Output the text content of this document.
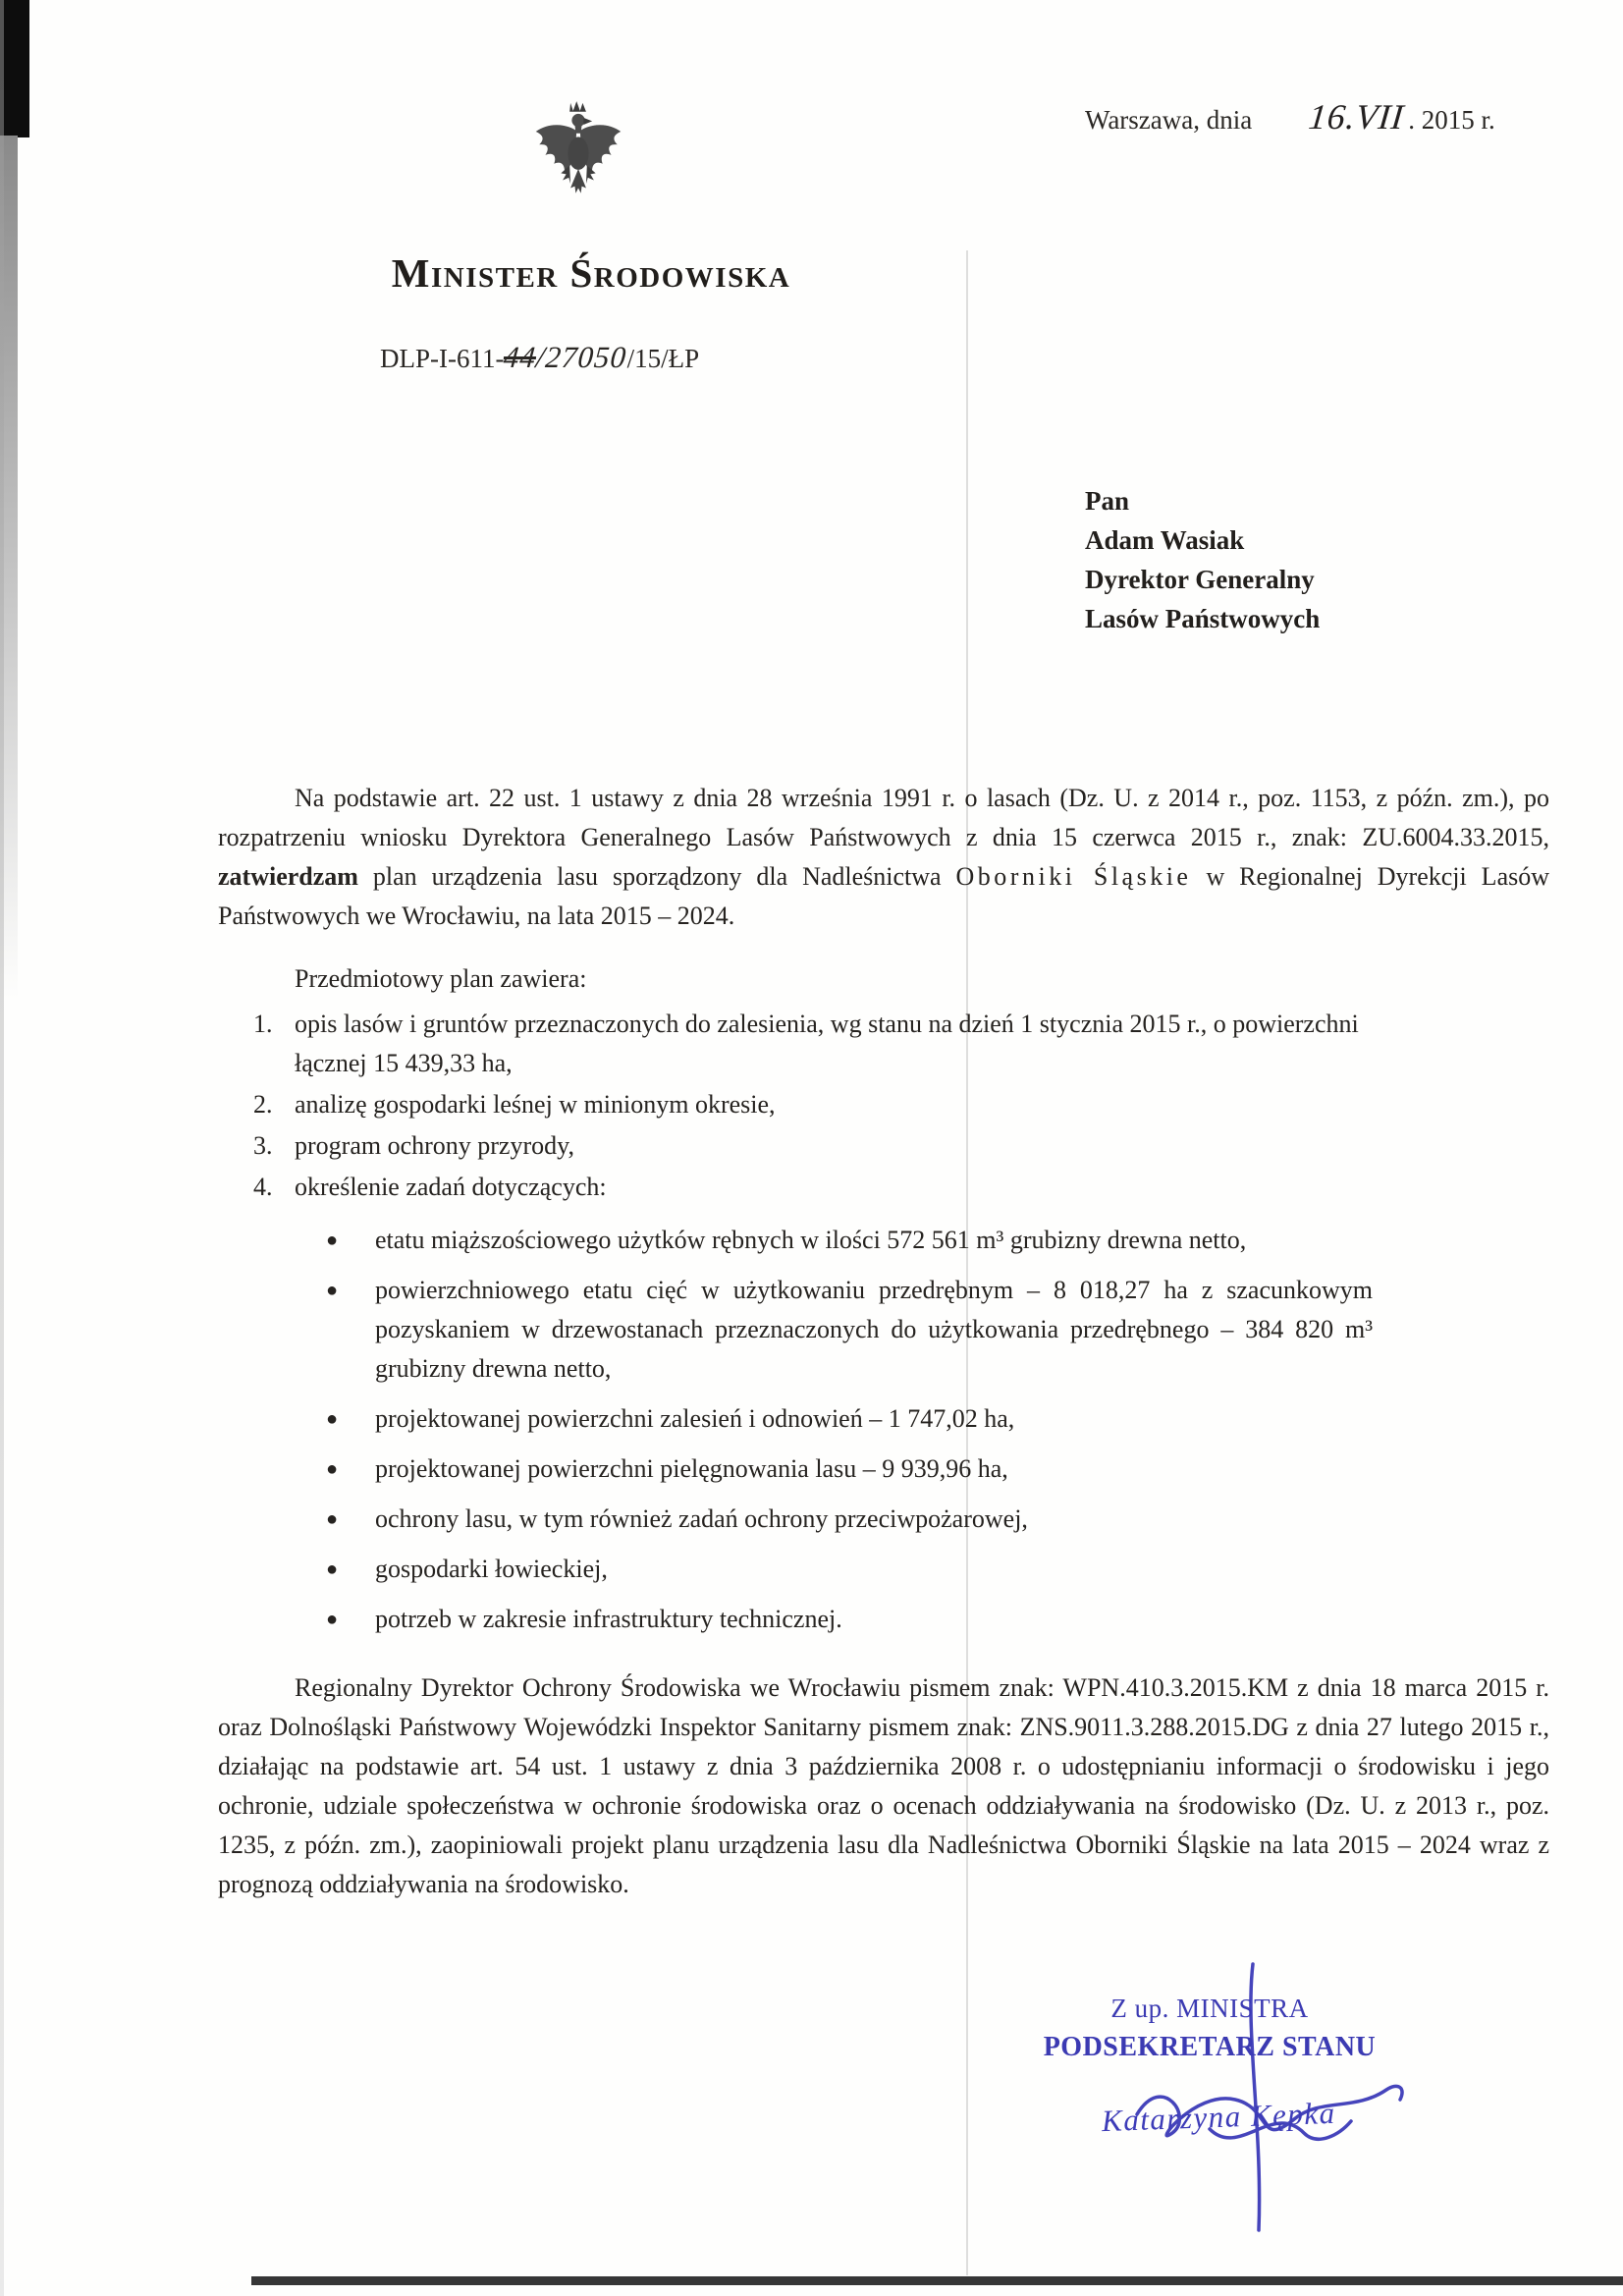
Warszawa, dnia 16.VII . 2015 r.
Minister Środowiska
DLP-I-611-
44
/27050
/15/ŁP
Pan
Adam Wasiak
Dyrektor Generalny
Lasów Państwowych

Na podstawie art. 22 ust. 1 ustawy z dnia 28 września 1991 r. o lasach (Dz. U. z 2014 r., poz. 1153, z późn. zm.), po rozpatrzeniu wniosku Dyrektora Generalnego Lasów Państwowych z dnia 15 czerwca 2015 r., znak: ZU.6004.33.2015, zatwierdzam plan urządzenia lasu sporządzony dla Nadleśnictwa Oborniki Śląskie w Regionalnej Dyrekcji Lasów Państwowych we Wrocławiu, na lata 2015 – 2024.

Przedmiotowy plan zawiera:

1. opis lasów i gruntów przeznaczonych do zalesienia, wg stanu na dzień 1 stycznia 2015 r., o powierzchni łącznej 15 439,33 ha,
2. analizę gospodarki leśnej w minionym okresie,
3. program ochrony przyrody,
4. określenie zadań dotyczących:
●	etatu miąższościowego użytków rębnych w ilości 572 561 m³ grubizny drewna netto,
●	powierzchniowego etatu cięć w użytkowaniu przedrębnym – 8 018,27 ha z szacunkowym pozyskaniem w drzewostanach przeznaczonych do użytkowania przedrębnego – 384 820 m³ grubizny drewna netto,
●	projektowanej powierzchni zalesień i odnowień – 1 747,02 ha,
●	projektowanej powierzchni pielęgnowania lasu – 9 939,96 ha,
●	ochrony lasu, w tym również zadań ochrony przeciwpożarowej,
●	gospodarki łowieckiej,
●	potrzeb w zakresie infrastruktury technicznej.

Regionalny Dyrektor Ochrony Środowiska we Wrocławiu pismem znak: WPN.410.3.2015.KM z dnia 18 marca 2015 r. oraz Dolnośląski Państwowy Wojewódzki Inspektor Sanitarny pismem znak: ZNS.9011.3.288.2015.DG z dnia 27 lutego 2015 r., działając na podstawie art. 54 ust. 1 ustawy z dnia 3 października 2008 r. o udostępnianiu informacji o środowisku i jego ochronie, udziale społeczeństwa w ochronie środowiska oraz o ocenach oddziaływania na środowisko (Dz. U. z 2013 r., poz. 1235, z późn. zm.), zaopiniowali projekt planu urządzenia lasu dla Nadleśnictwa Oborniki Śląskie na lata 2015 – 2024 wraz z prognozą oddziaływania na środowisko.

Z up. MINISTRA
PODSEKRETARZ STANU
Katarzyna Kępka
